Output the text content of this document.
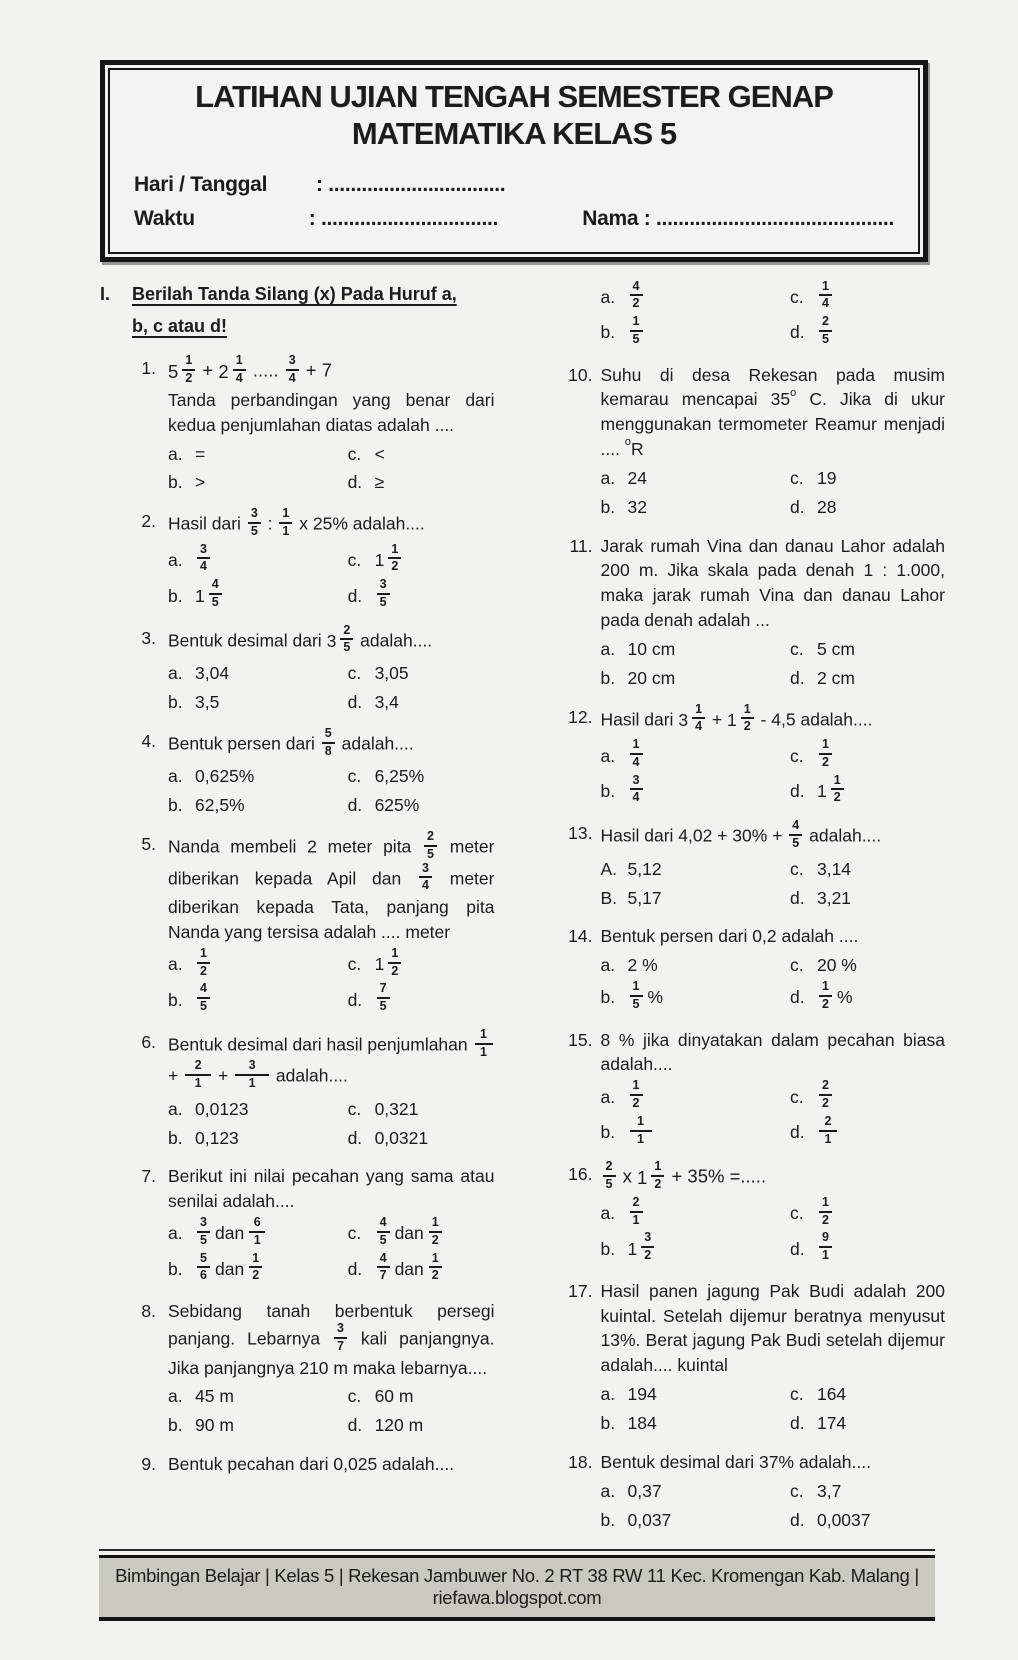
LATIHAN UJIAN TENGAH SEMESTER GENAP
MATEMATIKA KELAS 5
Hari / Tanggal	: ................................
Waktu	: ................................	Nama : ...........................................
I.	Berilah Tanda Silang (x) Pada Huruf a,
b, c atau d!
1. $5 \frac{1}{2} + 2 \frac{1}{4}$ ..... $\frac{3}{4} + 7$
Tanda perbandingan yang benar dari kedua penjumlahan diatas adalah ....
a. =	c. <
b. >	d. ≥
2. Hasil dari $\frac{3}{5}$ : $\frac{1}{1}$ x 25% adalah....
a.	$\frac{3}{4}$	c. $1 \frac{1}{2}$
b. $1 \frac{4}{5}$	d.	$\frac{3}{5}$
3. Bentuk desimal dari $3 \frac{2}{5}$ adalah....
a. 3,04	c. 3,05
b. 3,5	d. 3,4
4. Bentuk persen dari $\frac{5}{8}$ adalah....
a. 0,625%	c. 6,25%
b. 62,5%	d. 625%
5. Nanda membeli 2 meter pita $\frac{2}{5}$ meter diberikan kepada Apil dan $\frac{3}{4}$ meter diberikan kepada Tata, panjang pita Nanda yang tersisa adalah .... meter
a.	$\frac{1}{2}$	c. $1 \frac{1}{2}$
b.	$\frac{4}{5}$	d.	$\frac{7}{5}$
6. Bentuk desimal dari hasil penjumlahan $\frac{1}{1}$
+ $\frac{2}{1} + \frac{3}{1}$ adalah....
a. 0,0123	c. 0,321
b. 0,123	d. 0,0321
7. Berikut ini nilai pecahan yang sama atau senilai adalah....
a.	$\frac{3}{5}$ dan $\frac{6}{1}$	c.	$\frac{4}{5}$ dan $\frac{1}{2}$
b.	$\frac{5}{6}$ dan $\frac{1}{2}$	d.	$\frac{4}{7}$ dan $\frac{1}{2}$
8. Sebidang tanah berbentuk persegi panjang. Lebarnya $\frac{3}{7}$ kali panjangnya. Jika panjangnya 210 m maka lebarnya....
a. 45 m	c. 60 m
b. 90 m	d. 120 m
9. Bentuk pecahan dari 0,025 adalah....
a.	$\frac{4}{2}$	c.	$\frac{1}{4}$
b.	$\frac{1}{5}$	d.	$\frac{2}{5}$
10. Suhu di desa Rekesan pada musim kemarau mencapai 35$^o$ C. Jika di ukur menggunakan termometer Reamur menjadi .... $^o$R
a. 24	c. 19
b. 32	d. 28
11. Jarak rumah Vina dan danau Lahor adalah 200 m. Jika skala pada denah 1 : 1.000, maka jarak rumah Vina dan danau Lahor pada denah adalah ...
a. 10 cm	c. 5 cm
b. 20 cm	d. 2 cm
12. Hasil dari $3 \frac{1}{4} + 1 \frac{1}{2} - 4,5$ adalah....
a.	$\frac{1}{4}$	c.	$\frac{1}{2}$
b.	$\frac{3}{4}$	d. $1 \frac{1}{2}$
13. Hasil dari $4,02 + 30\% + \frac{4}{5}$ adalah....
A. 5,12	c. 3,14
B. 5,17	d. 3,21
14. Bentuk persen dari 0,2 adalah ....
a. 2 %	c. 20 %
b.	$\frac{1}{5}$ %	d.	$\frac{1}{2}$ %
15. 8 % jika dinyatakan dalam pecahan biasa adalah....
a.	$\frac{1}{2}$	c.	$\frac{2}{2}$
b.	$\frac{1}{1}$	d.	$\frac{2}{1}$
16. $\frac{2}{5}$ x $1 \frac{1}{2} + 35\%$ =.....
a.	$\frac{2}{1}$	c.	$\frac{1}{2}$
b. $1 \frac{3}{2}$	d.	$\frac{9}{1}$
17. Hasil panen jagung Pak Budi adalah 200 kuintal. Setelah dijemur beratnya menyusut 13%. Berat jagung Pak Budi setelah dijemur adalah.... kuintal
a. 194	c. 164
b. 184	d. 174
18. Bentuk desimal dari 37% adalah....
a. 0,37	c. 3,7
b. 0,037	d. 0,0037
Bimbingan Belajar | Kelas 5 | Rekesan Jambuwer No. 2 RT 38 RW 11 Kec. Kromengan Kab. Malang | riefawa.blogspot.com
